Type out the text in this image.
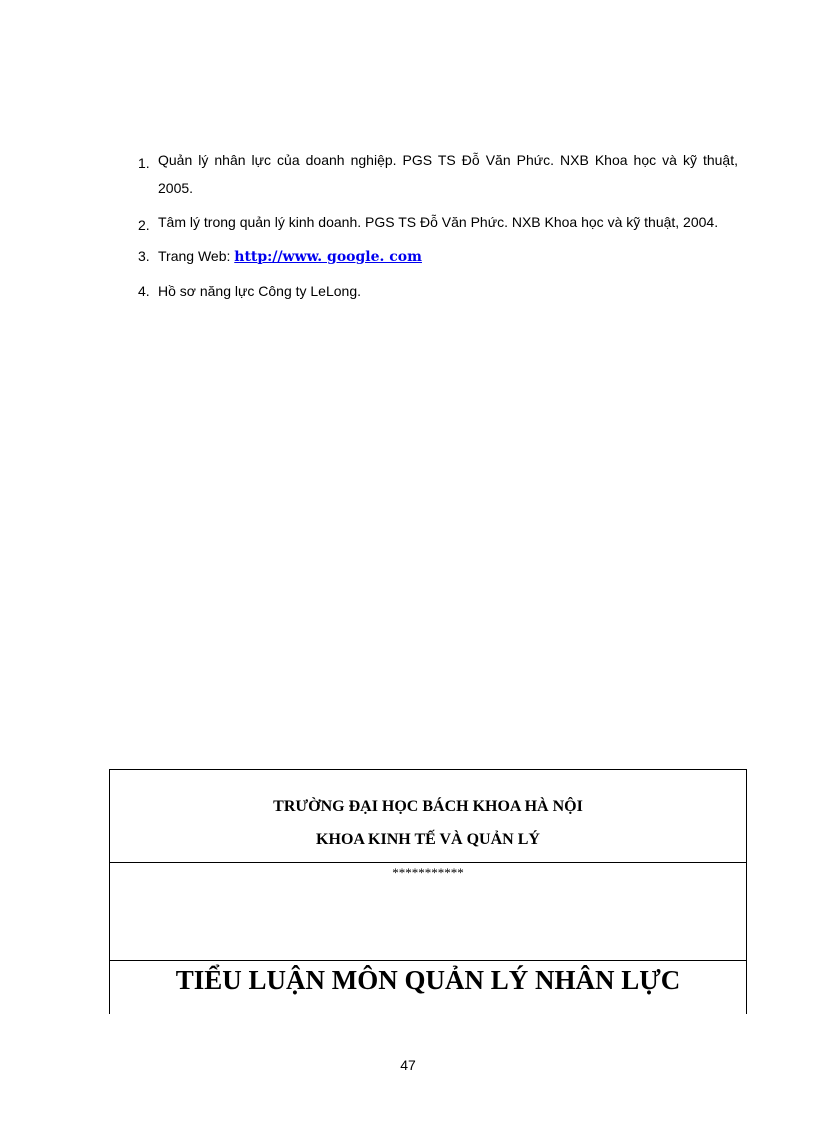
1. Quản lý nhân lực của doanh nghiệp. PGS TS Đỗ Văn Phức. NXB Khoa học và kỹ thuật, 2005.
2. Tâm lý trong quản lý kinh doanh. PGS TS Đỗ Văn Phức. NXB Khoa học và kỹ thuật, 2004.
3. Trang Web: http://www. google. com
4. Hồ sơ năng lực Công ty LeLong.
TRƯỜNG ĐẠI HỌC BÁCH KHOA HÀ NỘI
KHOA KINH TẾ VÀ QUẢN LÝ
***********
TIỂU LUẬN MÔN QUẢN LÝ NHÂN LỰC
47
